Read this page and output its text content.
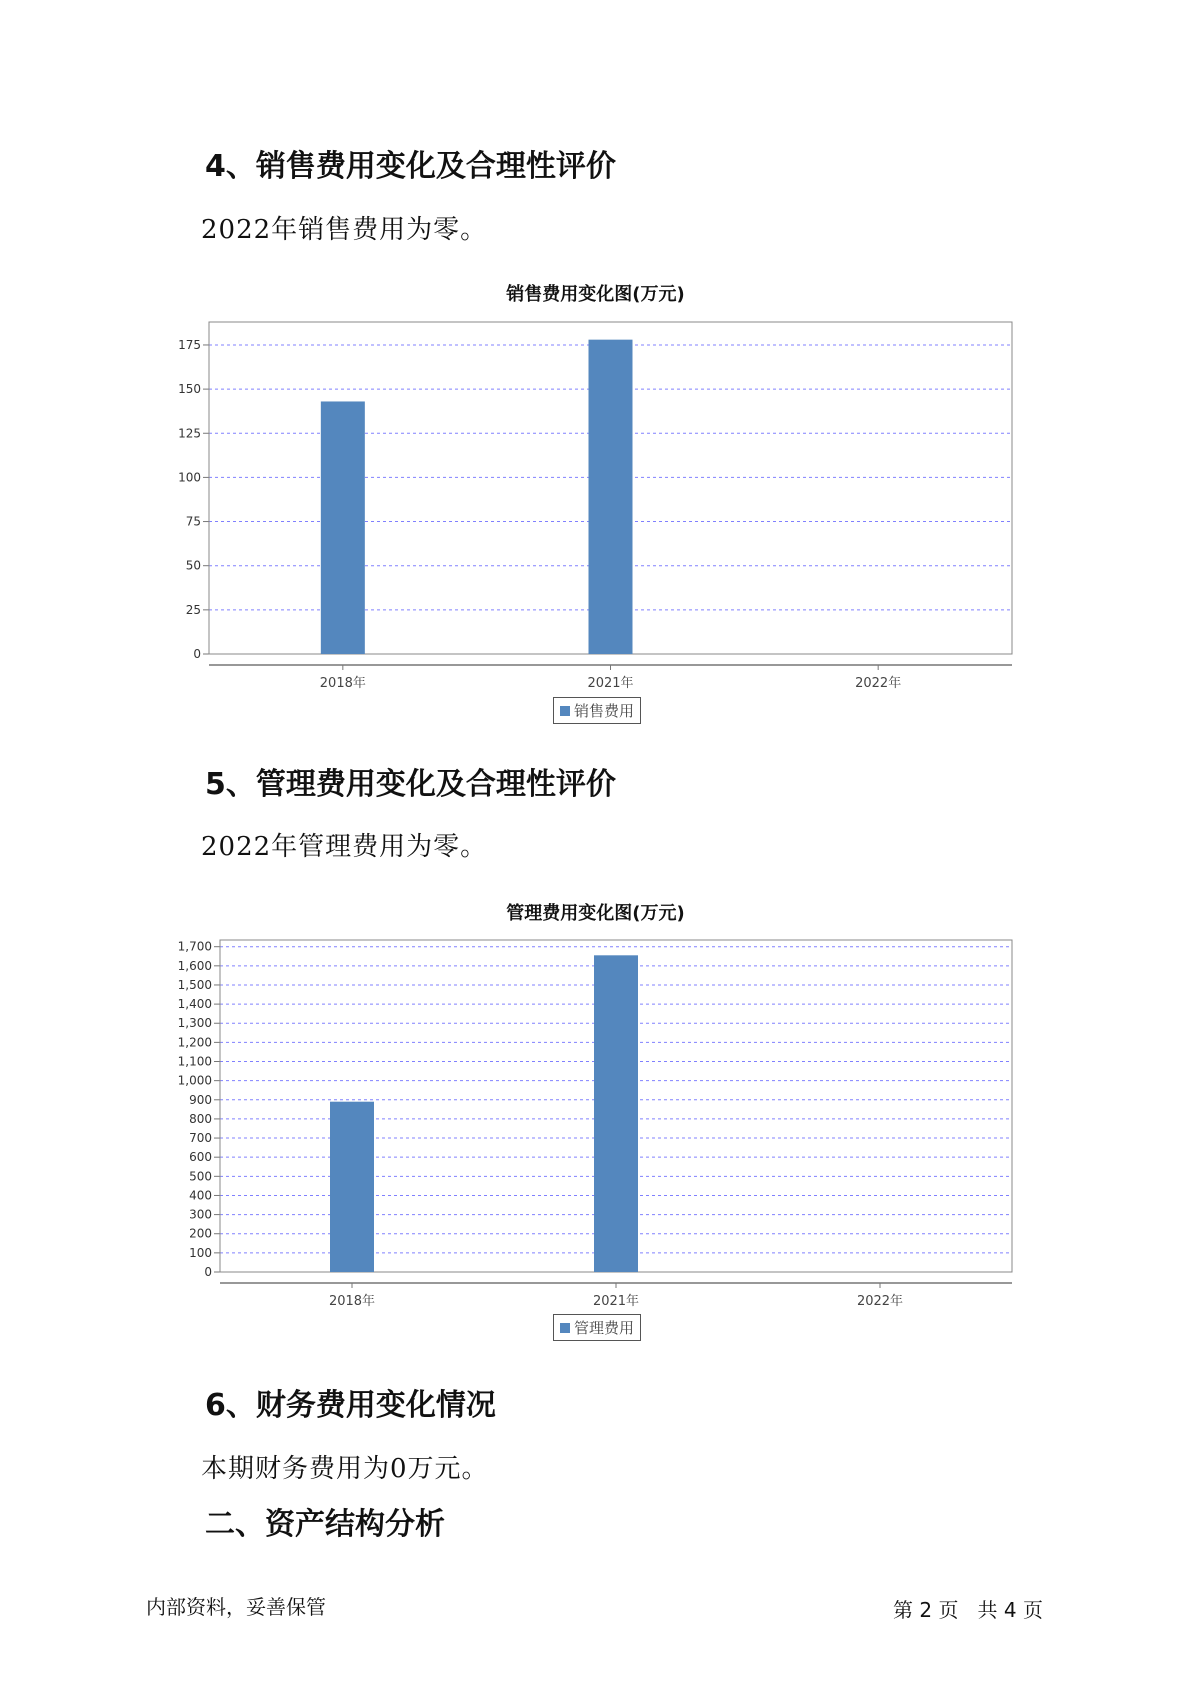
4、销售费用变化及合理性评价
2022年销售费用为零。
销售费用变化图(万元)
0
25
50
75
100
125
150
175
2018年	2021年	2022年
销售费用
5、管理费用变化及合理性评价
2022年管理费用为零。
管理费用变化图(万元)
0
100
200
300
400
500
600
700
800
900
1,000
1,100
1,200
1,300
1,400
1,500
1,600
1,700
2018年	2021年	2022年
管理费用
6、财务费用变化情况
本期财务费用为0万元。
二、资产结构分析
内部资料，妥善保管	第 2 页   共 4 页
